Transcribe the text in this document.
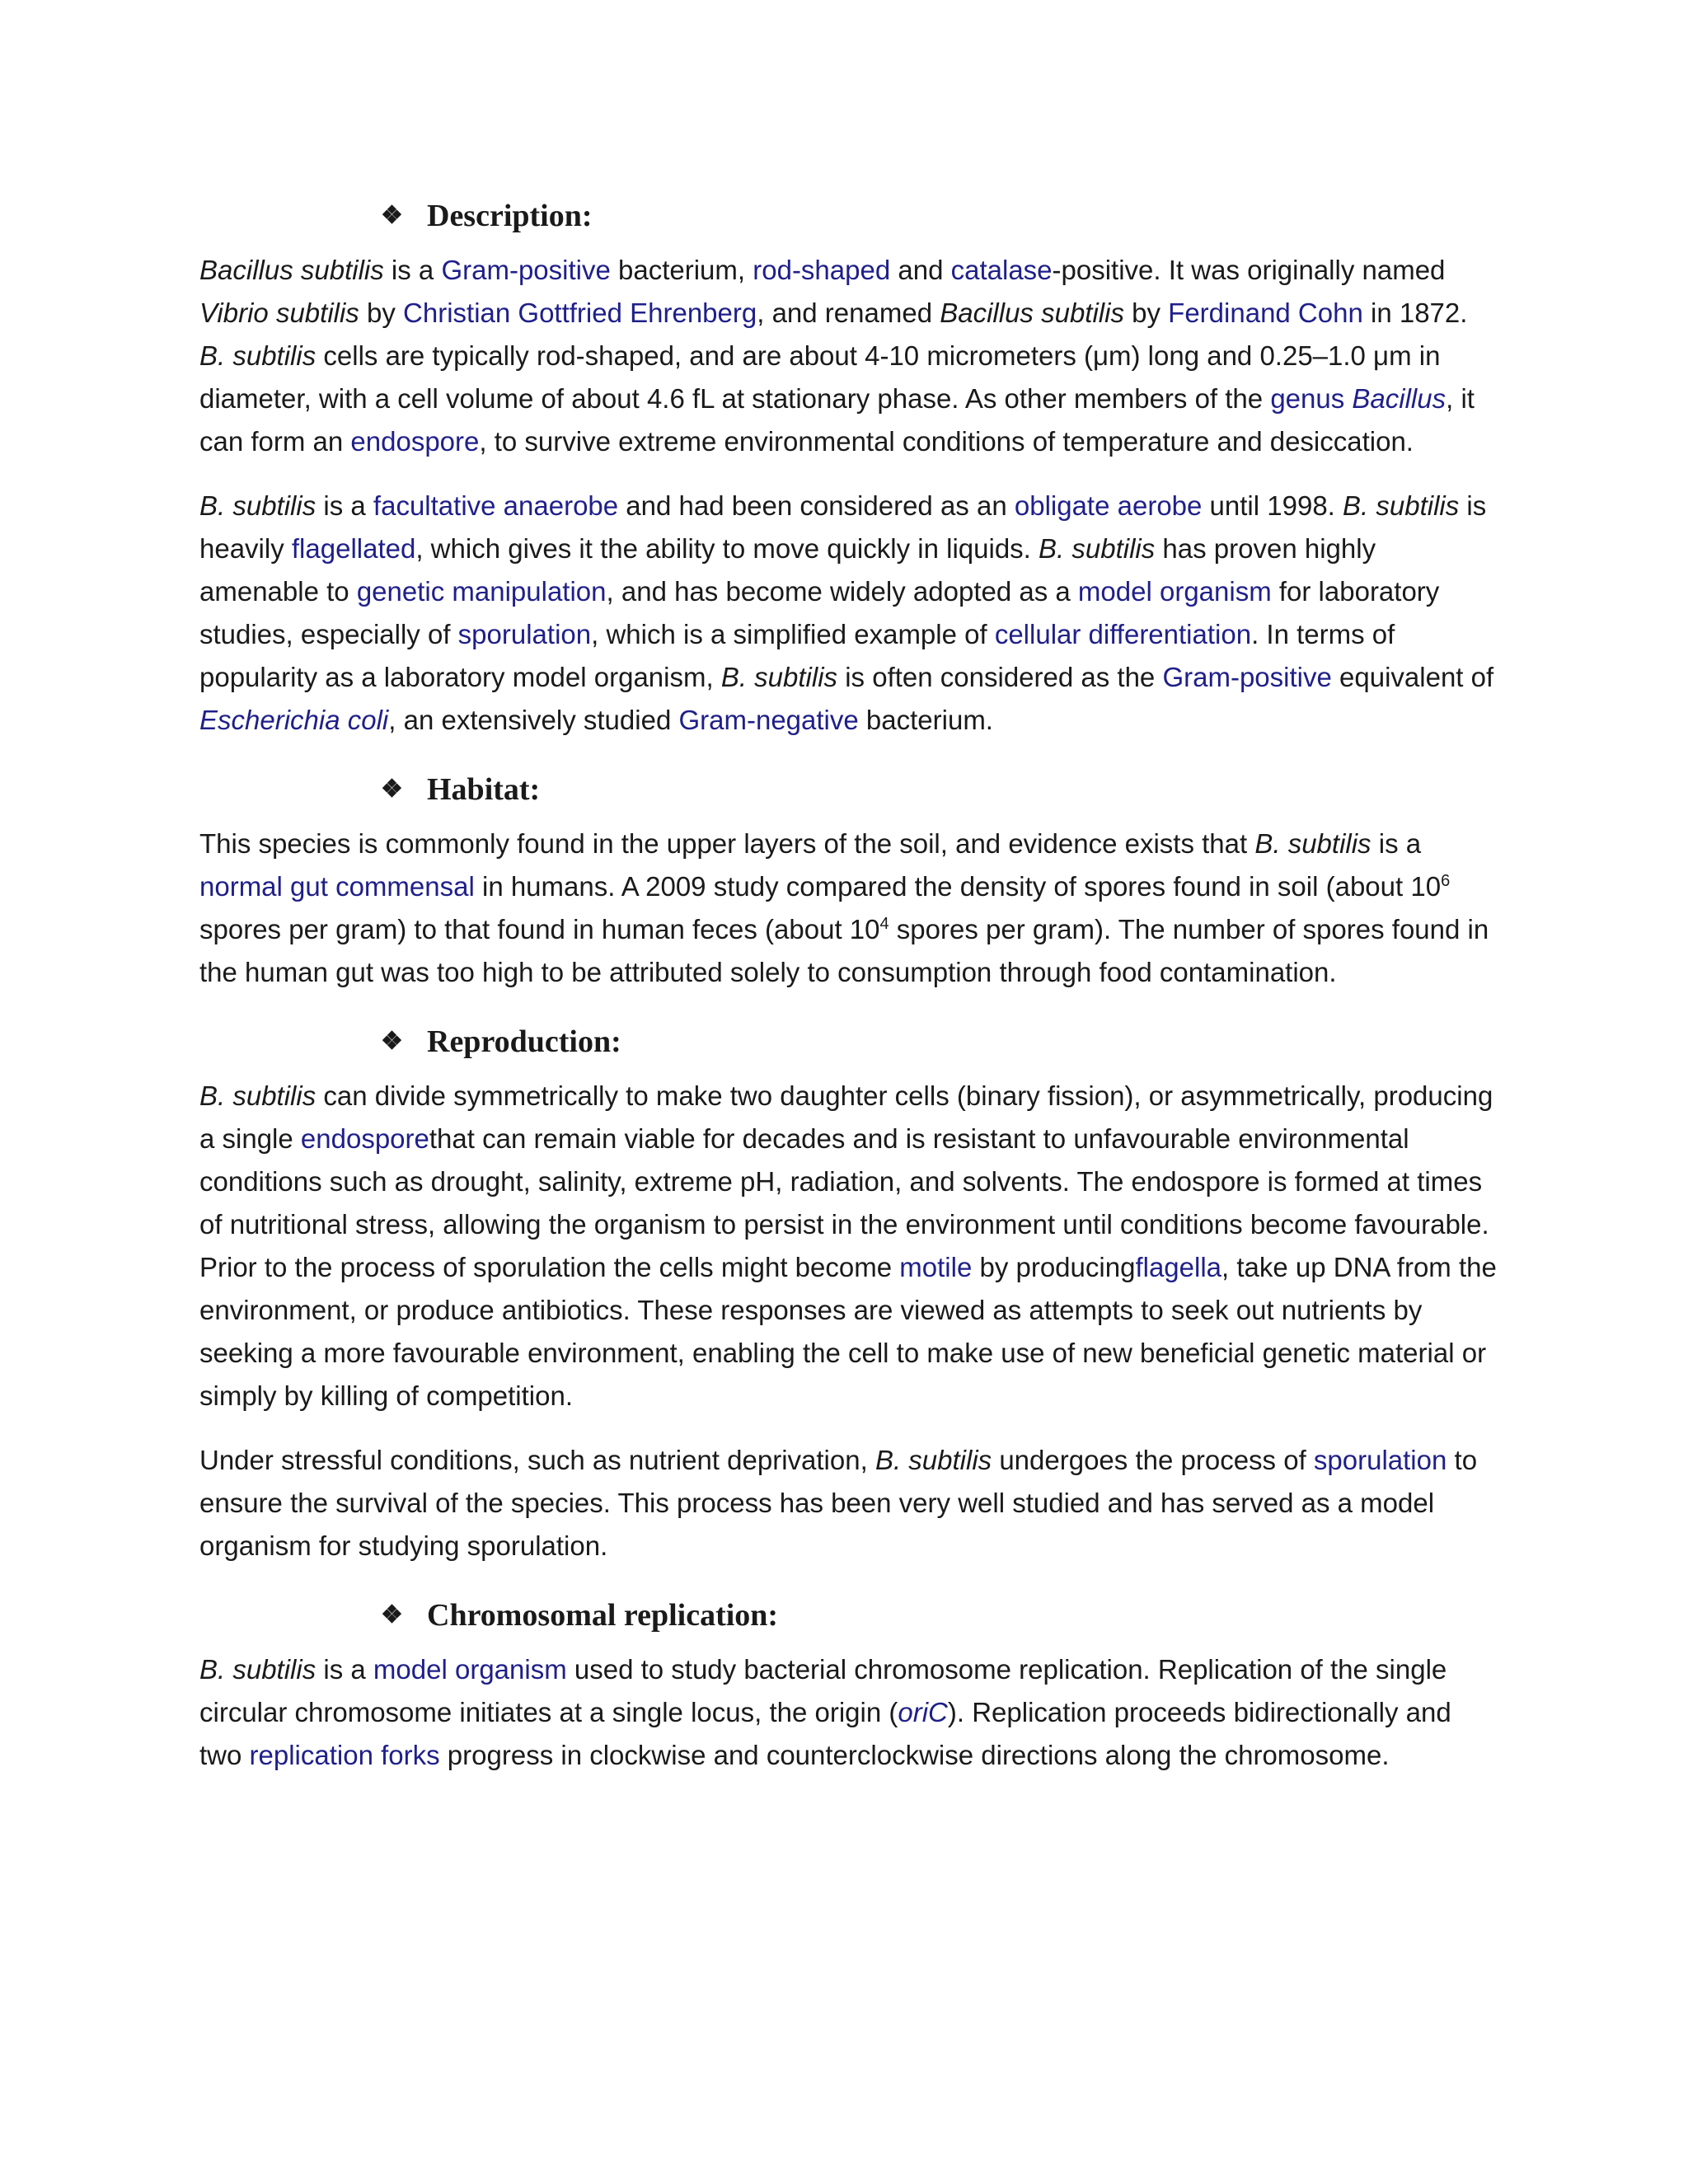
❖ Description:

Bacillus subtilis is a Gram-positive bacterium, rod-shaped and catalase-positive. It was originally named Vibrio subtilis by Christian Gottfried Ehrenberg, and renamed Bacillus subtilis by Ferdinand Cohn in 1872. B. subtilis cells are typically rod-shaped, and are about 4-10 micrometers (μm) long and 0.25–1.0 μm in diameter, with a cell volume of about 4.6 fL at stationary phase. As other members of the genus Bacillus, it can form an endospore, to survive extreme environmental conditions of temperature and desiccation.

B. subtilis is a facultative anaerobe and had been considered as an obligate aerobe until 1998. B. subtilis is heavily flagellated, which gives it the ability to move quickly in liquids. B. subtilis has proven highly amenable to genetic manipulation, and has become widely adopted as a model organism for laboratory studies, especially of sporulation, which is a simplified example of cellular differentiation. In terms of popularity as a laboratory model organism, B. subtilis is often considered as the Gram-positive equivalent of Escherichia coli, an extensively studied Gram-negative bacterium.

❖ Habitat:

This species is commonly found in the upper layers of the soil, and evidence exists that B. subtilis is a normal gut commensal in humans. A 2009 study compared the density of spores found in soil (about $10^6$ spores per gram) to that found in human feces (about $10^4$ spores per gram). The number of spores found in the human gut was too high to be attributed solely to consumption through food contamination.

❖ Reproduction:

B. subtilis can divide symmetrically to make two daughter cells (binary fission), or asymmetrically, producing a single endosporethat can remain viable for decades and is resistant to unfavourable environmental conditions such as drought, salinity, extreme pH, radiation, and solvents. The endospore is formed at times of nutritional stress, allowing the organism to persist in the environment until conditions become favourable. Prior to the process of sporulation the cells might become motile by producingflagella, take up DNA from the environment, or produce antibiotics. These responses are viewed as attempts to seek out nutrients by seeking a more favourable environment, enabling the cell to make use of new beneficial genetic material or simply by killing of competition.

Under stressful conditions, such as nutrient deprivation, B. subtilis undergoes the process of sporulation to ensure the survival of the species. This process has been very well studied and has served as a model organism for studying sporulation.

❖ Chromosomal replication:

B. subtilis is a model organism used to study bacterial chromosome replication. Replication of the single circular chromosome initiates at a single locus, the origin (oriC). Replication proceeds bidirectionally and two replication forks progress in clockwise and counterclockwise directions along the chromosome.
